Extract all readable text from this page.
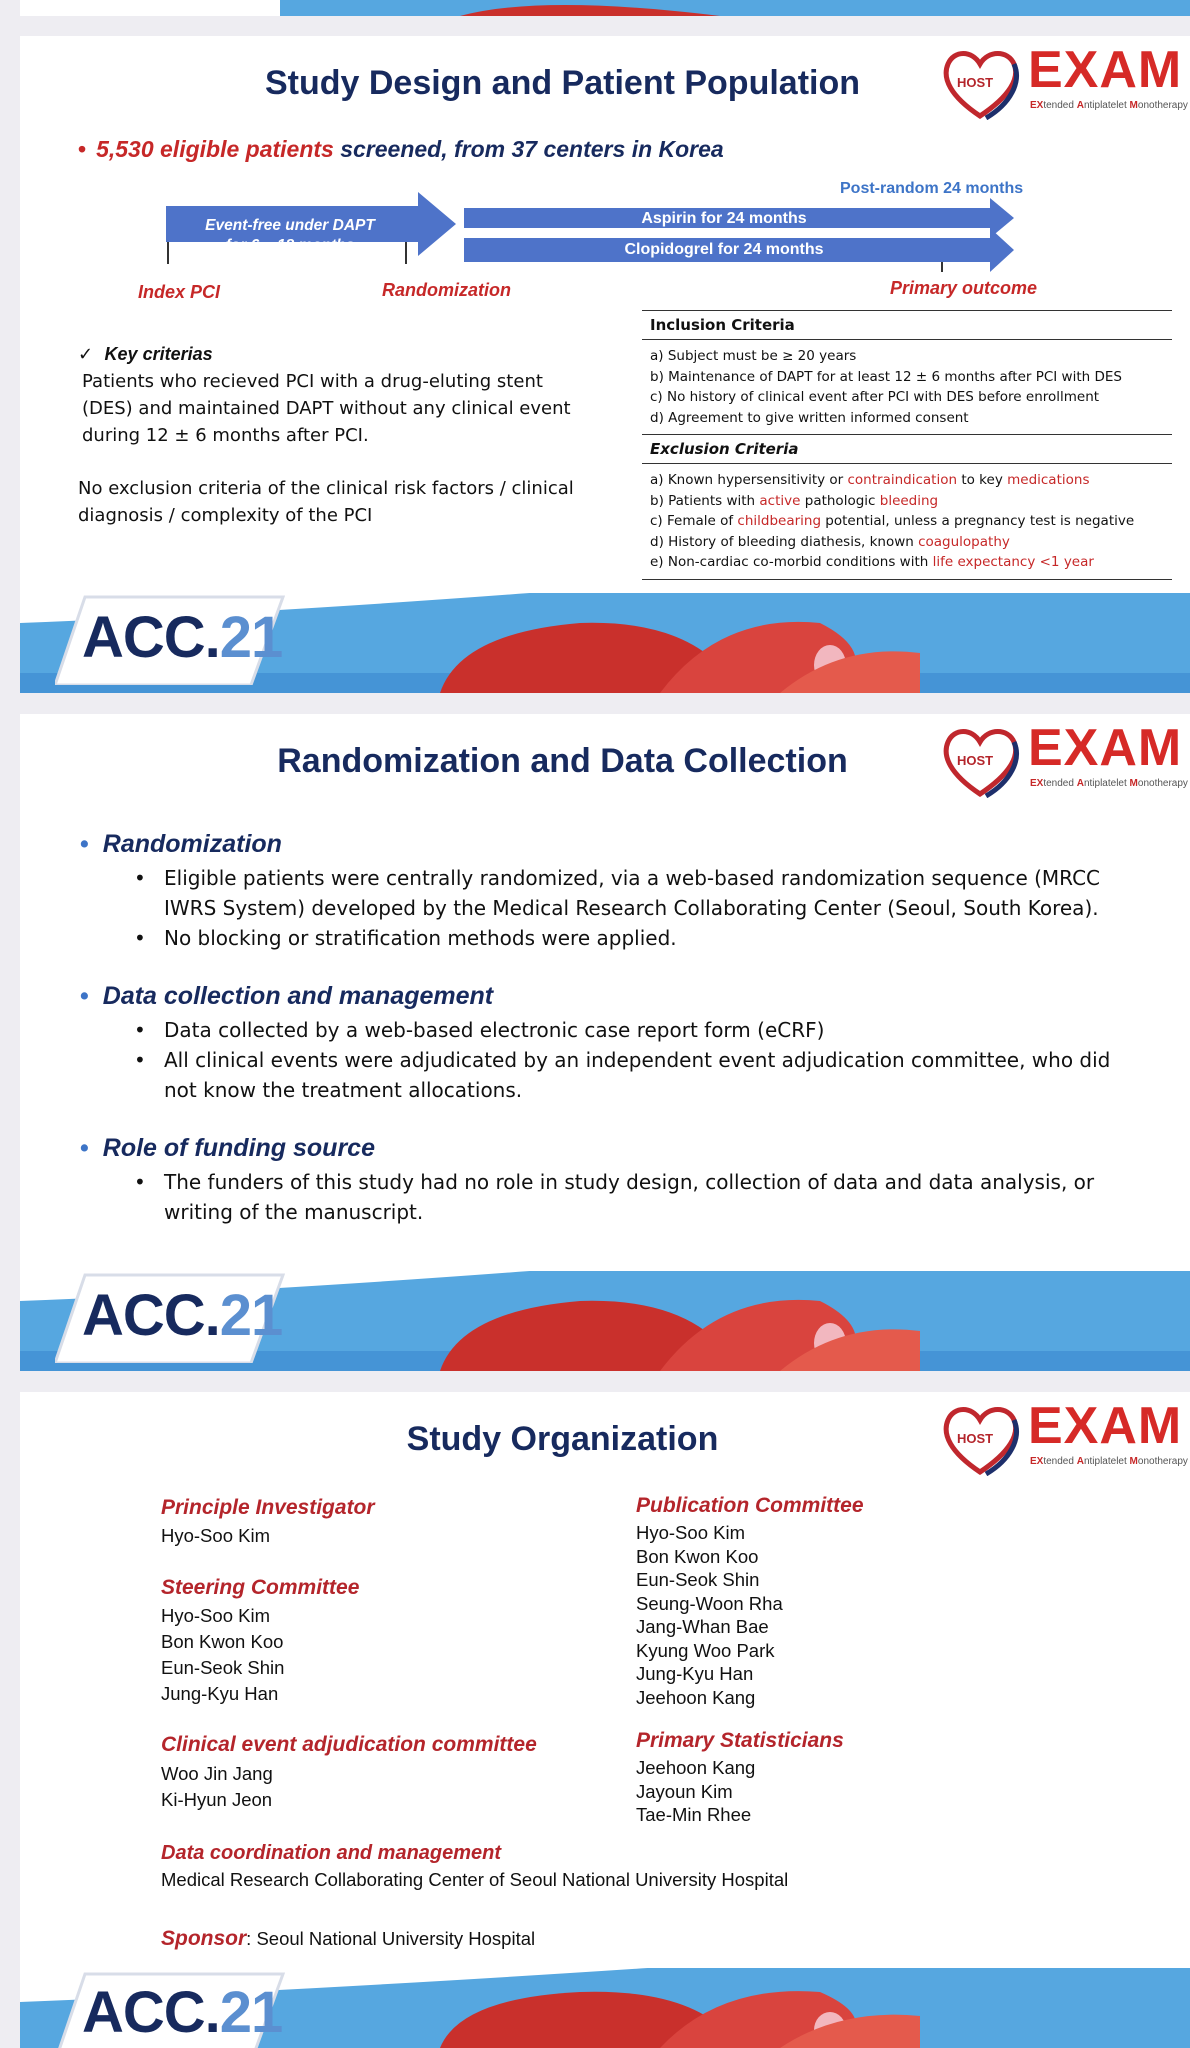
Study Design and Patient Population	HOST EXAM
EXtended Antiplatelet Monotherapy
• 5,530 eligible patients screened, from 37 centers in Korea
Post-random 24 months
Event-free under DAPT
for 6 ~ 18 months
Aspirin for 24 months
Clopidogrel for 24 months
Index PCI	Randomization	Primary outcome
✓ Key criterias

Patients who recieved PCI with a drug-eluting stent (DES) and maintained DAPT without any clinical event during 12 ± 6 months after PCI.

No exclusion criteria of the clinical risk factors / clinical diagnosis / complexity of the PCI

Inclusion Criteria
a) Subject must be ≥ 20 years
b) Maintenance of DAPT for at least 12 ± 6 months after PCI with DES
c) No history of clinical event after PCI with DES before enrollment
d) Agreement to give written informed consent
Exclusion Criteria
a) Known hypersensitivity or contraindication to key medications
b) Patients with active pathologic bleeding
c) Female of childbearing potential, unless a pregnancy test is negative
d) History of bleeding diathesis, known coagulopathy
e) Non-cardiac co-morbid conditions with life expectancy <1 year
ACC.21
Randomization and Data Collection	HOST EXAM
EXtended Antiplatelet Monotherapy
• Randomization
• Eligible patients were centrally randomized, via a web-based randomization sequence (MRCC IWRS System) developed by the Medical Research Collaborating Center (Seoul, South Korea).
• No blocking or stratification methods were applied.
• Data collection and management
• Data collected by a web-based electronic case report form (eCRF)
• All clinical events were adjudicated by an independent event adjudication committee, who did not know the treatment allocations.
• Role of funding source
• The funders of this study had no role in study design, collection of data and data analysis, or writing of the manuscript.
ACC.21
Study Organization	HOST EXAM
EXtended Antiplatelet Monotherapy
Principle Investigator
Hyo-Soo Kim
Steering Committee
Hyo-Soo Kim
Bon Kwon Koo
Eun-Seok Shin
Jung-Kyu Han
Clinical event adjudication committee
Woo Jin Jang
Ki-Hyun Jeon
Data coordination and management
Medical Research Collaborating Center of Seoul National University Hospital
Publication Committee
Hyo-Soo Kim
Bon Kwon Koo
Eun-Seok Shin
Seung-Woon Rha
Jang-Whan Bae
Kyung Woo Park
Jung-Kyu Han
Jeehoon Kang
Primary Statisticians
Jeehoon Kang
Jayoun Kim
Tae-Min Rhee
Sponsor: Seoul National University Hospital
ACC.21
